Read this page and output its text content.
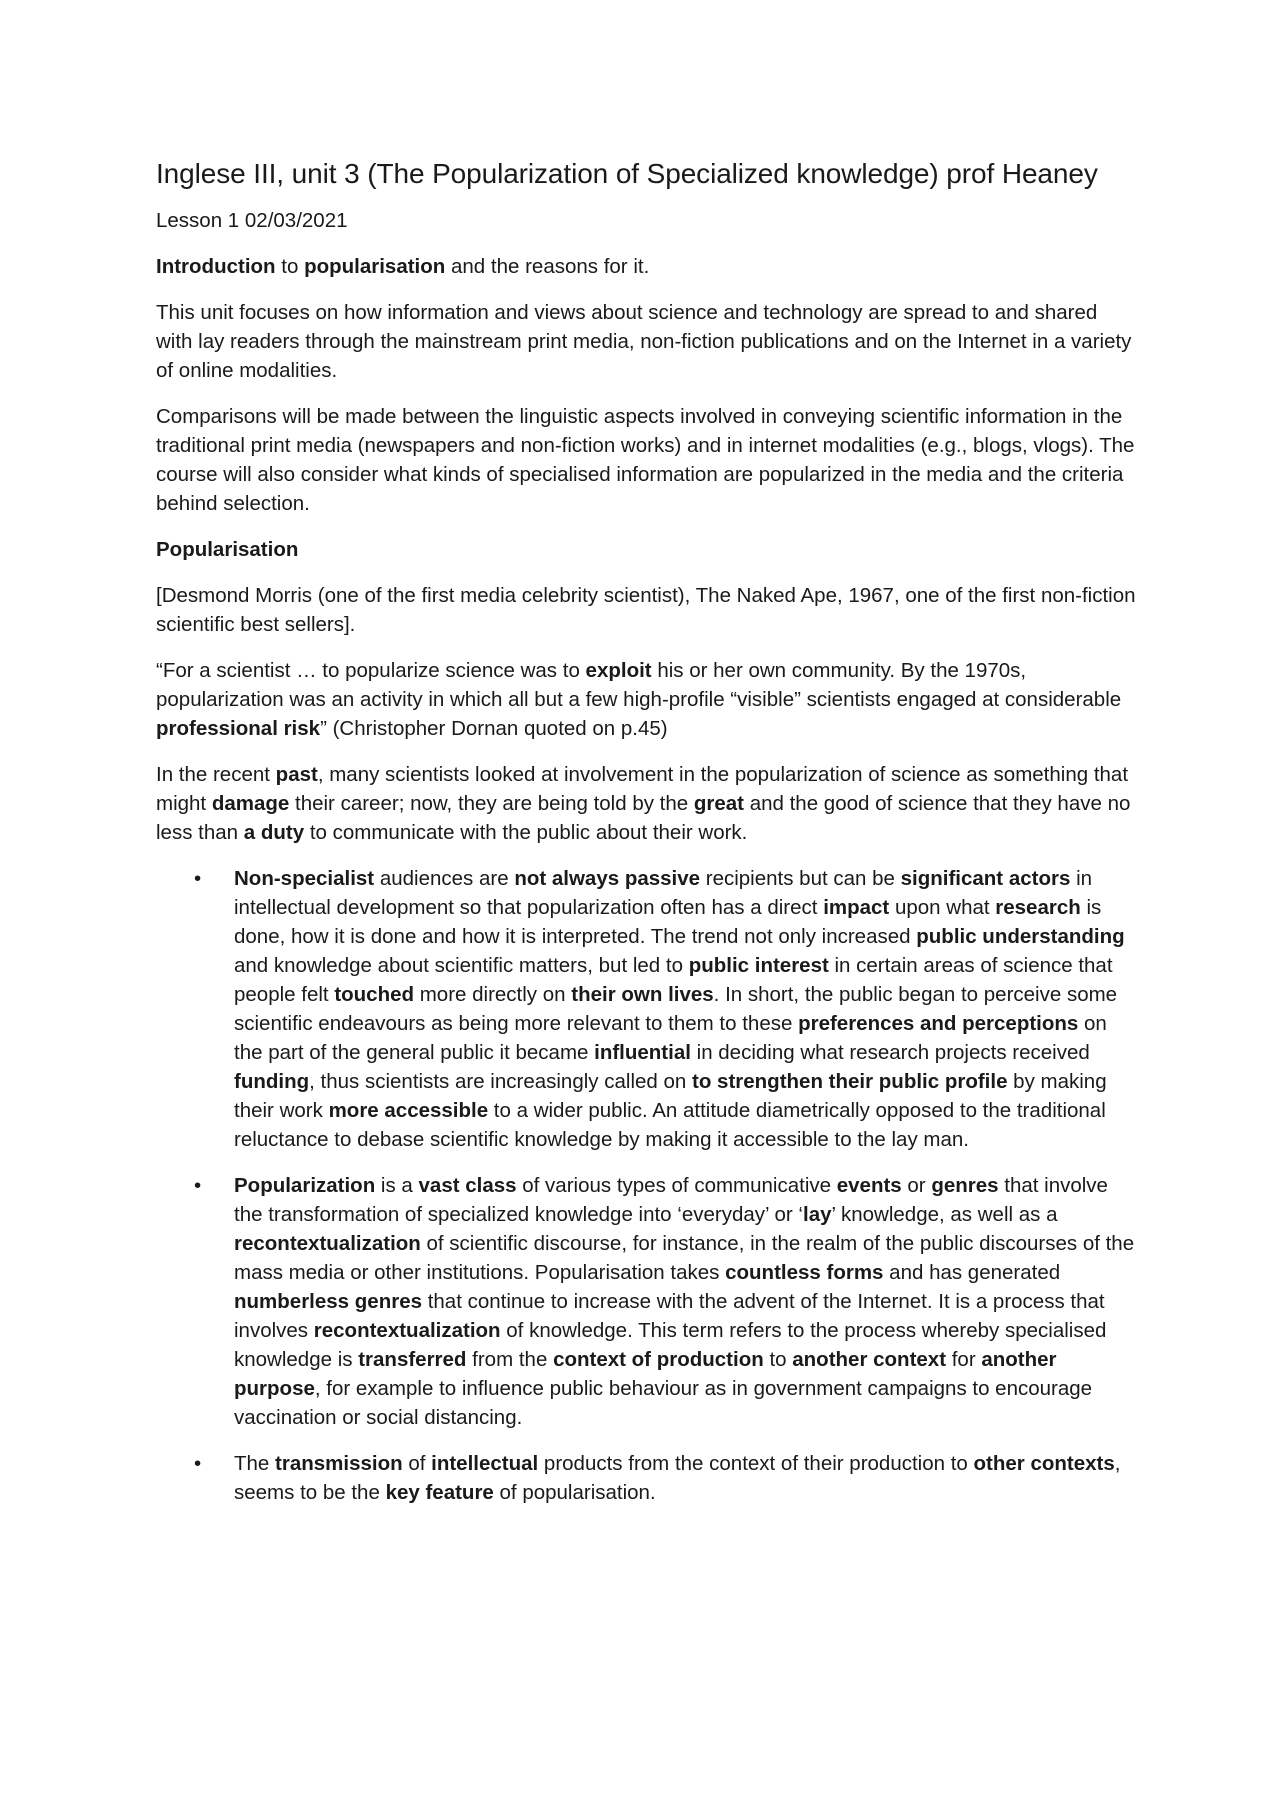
Inglese III, unit 3 (The Popularization of Specialized knowledge) prof Heaney

Lesson 1 02/03/2021

Introduction to popularisation and the reasons for it.

This unit focuses on how information and views about science and technology are spread to and shared with lay readers through the mainstream print media, non-fiction publications and on the Internet in a variety of online modalities.

Comparisons will be made between the linguistic aspects involved in conveying scientific information in the traditional print media (newspapers and non-fiction works) and in internet modalities (e.g., blogs, vlogs). The course will also consider what kinds of specialised information are popularized in the media and the criteria behind selection.

Popularisation

[Desmond Morris (one of the first media celebrity scientist), The Naked Ape, 1967, one of the first non-fiction scientific best sellers].

“For a scientist … to popularize science was to exploit his or her own community. By the 1970s, popularization was an activity in which all but a few high-profile “visible” scientists engaged at considerable professional risk” (Christopher Dornan quoted on p.45)

In the recent past, many scientists looked at involvement in the popularization of science as something that might damage their career; now, they are being told by the great and the good of science that they have no less than a duty to communicate with the public about their work.

• Non-specialist audiences are not always passive recipients but can be significant actors in intellectual development so that popularization often has a direct impact upon what research is done, how it is done and how it is interpreted. The trend not only increased public understanding and knowledge about scientific matters, but led to public interest in certain areas of science that people felt touched more directly on their own lives. In short, the public began to perceive some scientific endeavours as being more relevant to them to these preferences and perceptions on the part of the general public it became influential in deciding what research projects received funding, thus scientists are increasingly called on to strengthen their public profile by making their work more accessible to a wider public. An attitude diametrically opposed to the traditional reluctance to debase scientific knowledge by making it accessible to the lay man.
• Popularization is a vast class of various types of communicative events or genres that involve the transformation of specialized knowledge into ‘everyday’ or ‘lay’ knowledge, as well as a recontextualization of scientific discourse, for instance, in the realm of the public discourses of the mass media or other institutions. Popularisation takes countless forms and has generated numberless genres that continue to increase with the advent of the Internet. It is a process that involves recontextualization of knowledge. This term refers to the process whereby specialised knowledge is transferred from the context of production to another context for another purpose, for example to influence public behaviour as in government campaigns to encourage vaccination or social distancing.
• The transmission of intellectual products from the context of their production to other contexts, seems to be the key feature of popularisation.
